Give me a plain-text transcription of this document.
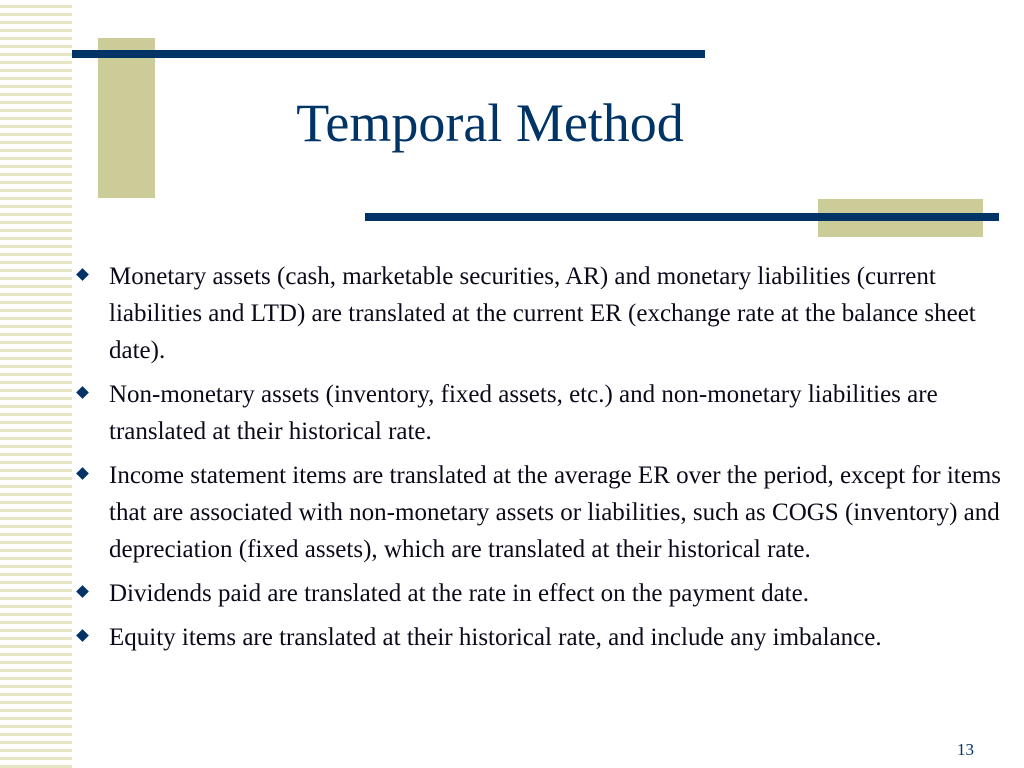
Temporal Method
Monetary assets (cash, marketable securities, AR) and monetary liabilities (current liabilities and LTD) are translated at the current ER (exchange rate at the balance sheet date).
Non-monetary assets (inventory, fixed assets, etc.) and non-monetary liabilities are translated at their historical rate.
Income statement items are translated at the average ER over the period, except for items that are associated with non-monetary assets or liabilities, such as COGS (inventory) and depreciation (fixed assets), which are translated at their historical rate.
Dividends paid are translated at the rate in effect on the payment date.
Equity items are translated at their historical rate, and include any imbalance.
13
